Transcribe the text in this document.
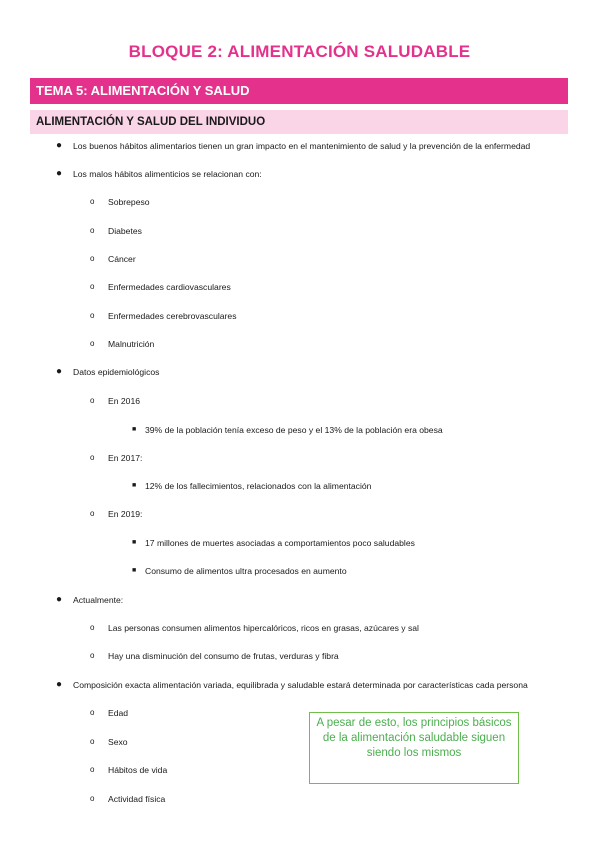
BLOQUE 2: ALIMENTACIÓN SALUDABLE
TEMA 5: ALIMENTACIÓN Y SALUD
ALIMENTACIÓN Y SALUD DEL INDIVIDUO
● Los buenos hábitos alimentarios tienen un gran impacto en el mantenimiento de salud y la prevención de la enfermedad
● Los malos hábitos alimenticios se relacionan con:
o Sobrepeso
o Diabetes
o Cáncer
o Enfermedades cardiovasculares
o Enfermedades cerebrovasculares
o Malnutrición
● Datos epidemiológicos
o En 2016
■ 39% de la población tenía exceso de peso y el 13% de la población era obesa
o En 2017:
■ 12% de los fallecimientos, relacionados con la alimentación
o En 2019:
■ 17 millones de muertes asociadas a comportamientos poco saludables
■ Consumo de alimentos ultra procesados en aumento
● Actualmente:
o Las personas consumen alimentos hipercalóricos, ricos en grasas, azúcares y sal
o Hay una disminución del consumo de frutas, verduras y fibra
● Composición exacta alimentación variada, equilibrada y saludable estará determinada por características cada persona
o Edad
o Sexo
o Hábitos de vida
o Actividad física
A pesar de esto, los principios básicos de la alimentación saludable siguen siendo los mismos
